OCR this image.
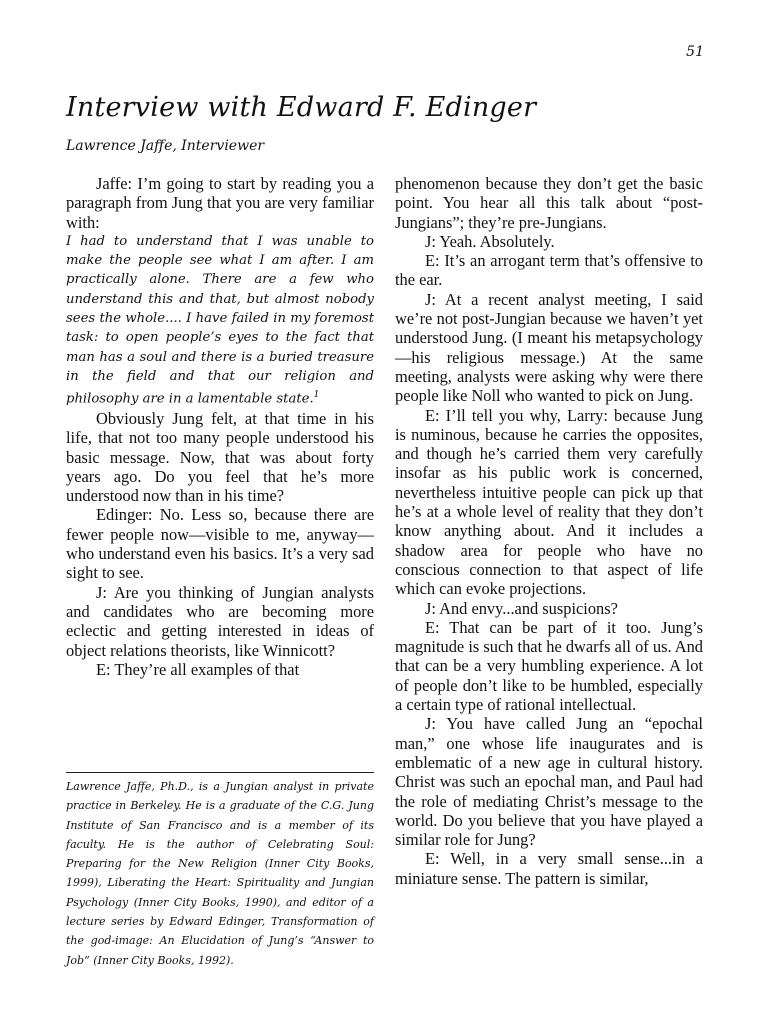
51
Interview with Edward F. Edinger
Lawrence Jaffe, Interviewer

Jaffe: I’m going to start by reading you a paragraph from Jung that you are very familiar with:

I had to understand that I was unable to make the people see what I am after. I am practically alone. There are a few who understand this and that, but almost nobody sees the whole.... I have failed in my foremost task: to open people’s eyes to the fact that man has a soul and there is a buried treasure in the field and that our religion and philosophy are in a lamentable state.$^1$

Obviously Jung felt, at that time in his life, that not too many people understood his basic message. Now, that was about forty years ago. Do you feel that he’s more understood now than in his time?

Edinger: No. Less so, because there are fewer people now—visible to me, anyway—who understand even his basics. It’s a very sad sight to see.

J: Are you thinking of Jungian analysts and candidates who are becoming more eclectic and getting interested in ideas of object relations theorists, like Winnicott?

E: They’re all examples of that

Lawrence Jaffe, Ph.D., is a Jungian analyst in private practice in Berkeley. He is a graduate of the C.G. Jung Institute of San Francisco and is a member of its faculty. He is the author of Celebrating Soul: Preparing for the New Religion (Inner City Books, 1999), Liberating the Heart: Spirituality and Jungian Psychology (Inner City Books, 1990), and editor of a lecture series by Edward Edinger, Transformation of the god-image: An Elucidation of Jung’s “Answer to Job” (Inner City Books, 1992).

phenomenon because they don’t get the basic point. You hear all this talk about “post-Jungians”; they’re pre-Jungians.

J: Yeah. Absolutely.

E: It’s an arrogant term that’s offensive to the ear.

J: At a recent analyst meeting, I said we’re not post-Jungian because we haven’t yet understood Jung. (I meant his metapsychology—his religious message.) At the same meeting, analysts were asking why were there people like Noll who wanted to pick on Jung.

E: I’ll tell you why, Larry: because Jung is numinous, because he carries the opposites, and though he’s carried them very carefully insofar as his public work is concerned, nevertheless intuitive people can pick up that he’s at a whole level of reality that they don’t know anything about. And it includes a shadow area for people who have no conscious connection to that aspect of life which can evoke projections.

J: And envy...and suspicions?

E: That can be part of it too. Jung’s magnitude is such that he dwarfs all of us. And that can be a very humbling experience. A lot of people don’t like to be humbled, especially a certain type of rational intellectual.

J: You have called Jung an “epochal man,” one whose life inaugurates and is emblematic of a new age in cultural history. Christ was such an epochal man, and Paul had the role of mediating Christ’s message to the world. Do you believe that you have played a similar role for Jung?

E: Well, in a very small sense...in a miniature sense. The pattern is similar,
